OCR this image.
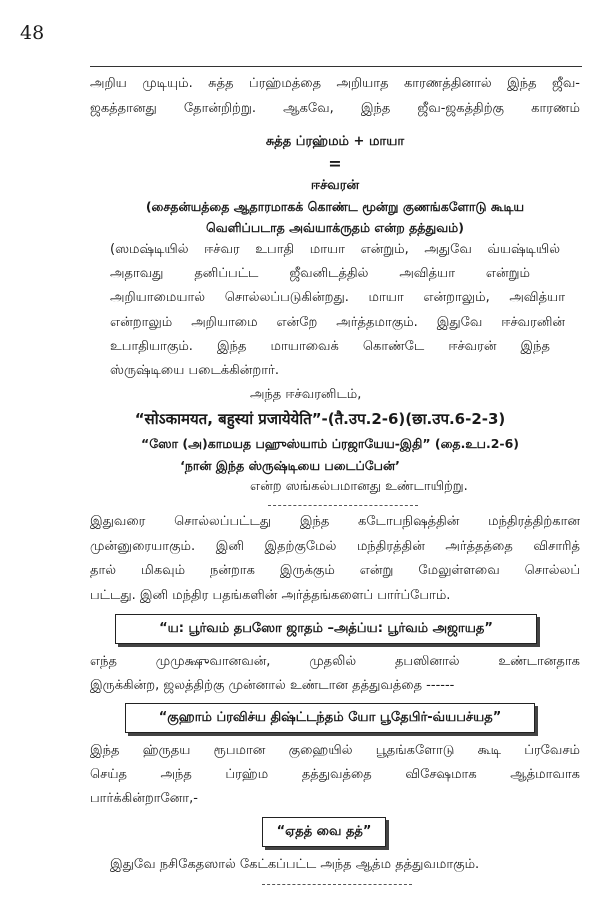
48
அறிய முடியும். சுத்த ப்ரஹ்மத்தை அறியாத காரணத்தினால் இந்த ஜீவ-
ஜகத்தானது தோன்றிற்று. ஆகவே, இந்த ஜீவ-ஜகத்திற்கு காரணம்
சுத்த ப்ரஹ்மம் + மாயா
=
ஈச்வரன்
(சைதன்யத்தை ஆதாரமாகக் கொண்ட மூன்று குணங்களோடு கூடிய
வெளிப்படாத அவ்யாக்ருதம் என்ற தத்துவம்)
(ஸமஷ்டியில் ஈச்வர உபாதி மாயா என்றும், அதுவே வ்யஷ்டியில்
அதாவது தனிப்பட்ட ஜீவனிடத்தில் அவித்யா என்றும்
அறியாமையால் சொல்லப்படுகின்றது. மாயா என்றாலும், அவித்யா
என்றாலும் அறியாமை என்றே அர்த்தமாகும். இதுவே ஈச்வரனின்
உபாதியாகும். இந்த மாயாவைக் கொண்டே ஈச்வரன் இந்த
ஸ்ருஷ்டியை படைக்கின்றார்.
அந்த ஈச்வரனிடம்,
“सोऽकामयत, बहुस्यां प्रजायेयेति”-(तै.उप.2-6)(छा.उप.6-2-3)
“ஸோ (அ)காமயத பஹுஸ்யாம் ப்ரஜாயேய-இதி” (தை.உப.2-6)
‘நான் இந்த ஸ்ருஷ்டியை படைப்பேன்’
என்ற ஸங்கல்பமானது உண்டாயிற்று.
இதுவரை சொல்லப்பட்டது இந்த கடோபநிஷத்தின் மந்திரத்திற்கான
முன்னுரையாகும். இனி இதற்குமேல் மந்திரத்தின் அர்த்தத்தை விசாரித்
தால் மிகவும் நன்றாக இருக்கும் என்று மேலுள்ளவை சொல்லப்
பட்டது. இனி மந்திர பதங்களின் அர்த்தங்களைப் பார்ப்போம்.
“ய: பூர்வம் தபஸோ ஜாதம் –அத்ப்ய: பூர்வம் அஜாயத”
எந்த முமுக்ஷுவானவன், முதலில் தபஸினால் உண்டானதாக
இருக்கின்ற, ஜலத்திற்கு முன்னால் உண்டான தத்துவத்தை ------
“குஹாம் ப்ரவிச்ய திஷ்ட்டந்தம் யோ பூதேபிர்-வ்யபச்யத”
இந்த ஹ்ருதய ரூபமான குஹையில் பூதங்களோடு கூடி ப்ரவேசம்
செய்த அந்த ப்ரஹ்ம தத்துவத்தை விசேஷமாக ஆத்மாவாக
பார்க்கின்றானோ,-
“ஏதத் வை தத்”
இதுவே நசிகேதஸால் கேட்கப்பட்ட அந்த ஆத்ம தத்துவமாகும்.
